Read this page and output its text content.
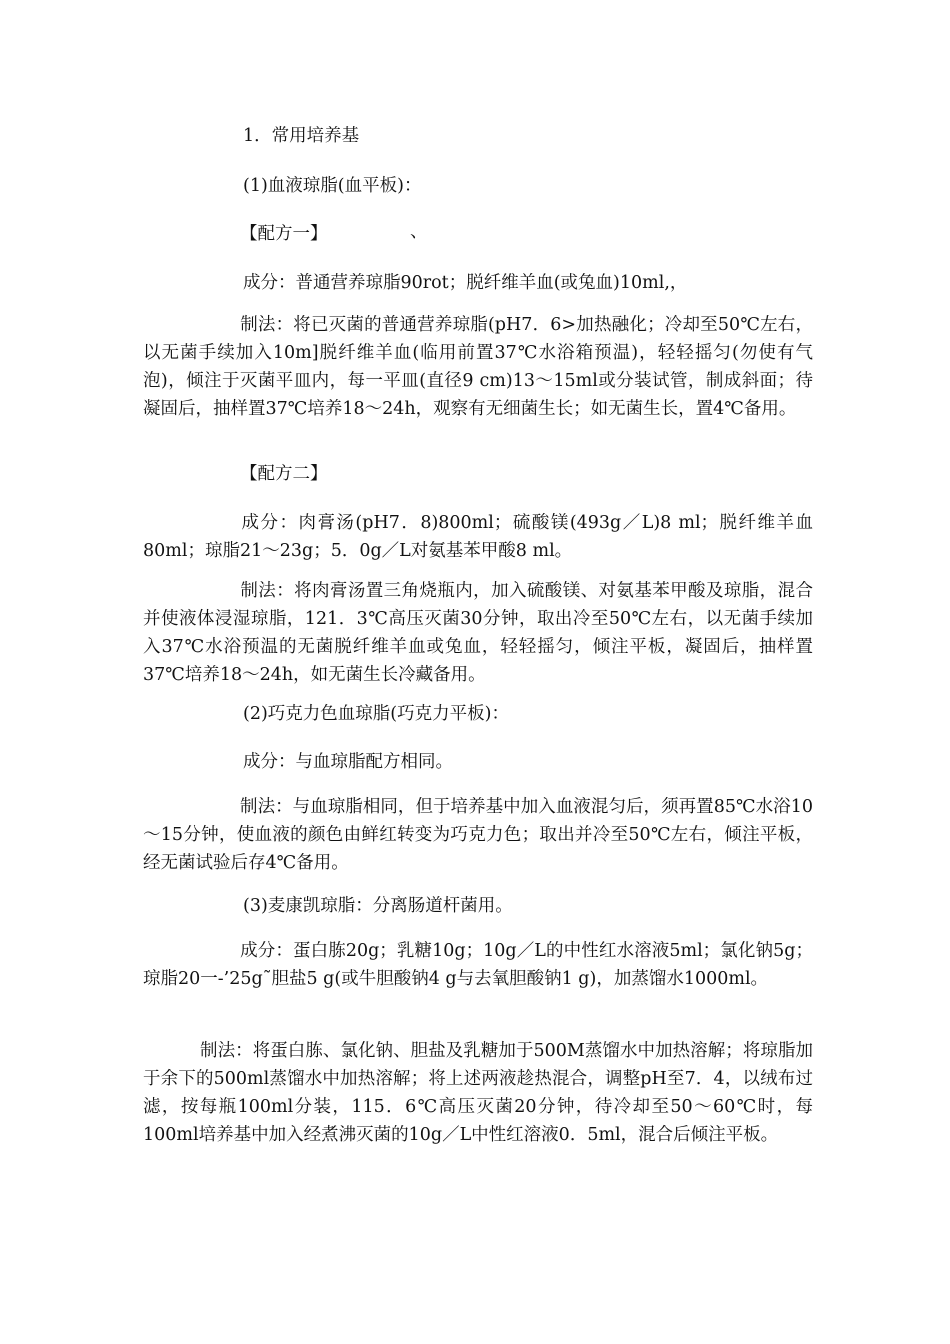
1．常用培养基

(1)血液琼脂(血平板)：

【配方一】	、

成分：普通营养琼脂90rot；脱纤维羊血(或兔血)10ml,，

制法：将已灭菌的普通营养琼脂(pH7．6>加热融化；冷却至50℃左右，以无菌手续加入10m]脱纤维羊血(临用前置37℃水浴箱预温)，轻轻摇匀(勿使有气泡)，倾注于灭菌平皿内，每一平皿(直径9 cm)13～15ml或分装试管，制成斜面；待凝固后，抽样置37℃培养18～24h，观察有无细菌生长；如无菌生长，置4℃备用。

【配方二】

成分：肉膏汤(pH7．8)800ml；硫酸镁(493g／L)8 ml；脱纤维羊血80ml；琼脂21～23g；5．0g／L对氨基苯甲酸8 ml。

制法：将肉膏汤置三角烧瓶内，加入硫酸镁、对氨基苯甲酸及琼脂，混合并使液体浸湿琼脂，121．3℃高压灭菌30分钟，取出冷至50℃左右，以无菌手续加入37℃水浴预温的无菌脱纤维羊血或兔血，轻轻摇匀，倾注平板，凝固后，抽样置37℃培养18～24h，如无菌生长冷藏备用。

(2)巧克力色血琼脂(巧克力平板)：

成分：与血琼脂配方相同。

制法：与血琼脂相同，但于培养基中加入血液混匀后，须再置85℃水浴10～15分钟，使血液的颜色由鲜红转变为巧克力色；取出并冷至50℃左右，倾注平板，经无菌试验后存4℃备用。

(3)麦康凯琼脂：分离肠道杆菌用。

成分：蛋白胨20g；乳糖10g；10g／L的中性红水溶液5ml；氯化钠5g；琼脂20一-’25g˜胆盐5 g(或牛胆酸钠4 g与去氧胆酸钠1 g)，加蒸馏水1000ml。

制法：将蛋白胨、氯化钠、胆盐及乳糖加于500M蒸馏水中加热溶解；将琼脂加于余下的500ml蒸馏水中加热溶解；将上述两液趁热混合，调整pH至7．4，以绒布过滤，按每瓶100ml分装，115．6℃高压灭菌20分钟，待冷却至50～60℃时，每100ml培养基中加入经煮沸灭菌的10g／L中性红溶液0．5ml，混合后倾注平板。
